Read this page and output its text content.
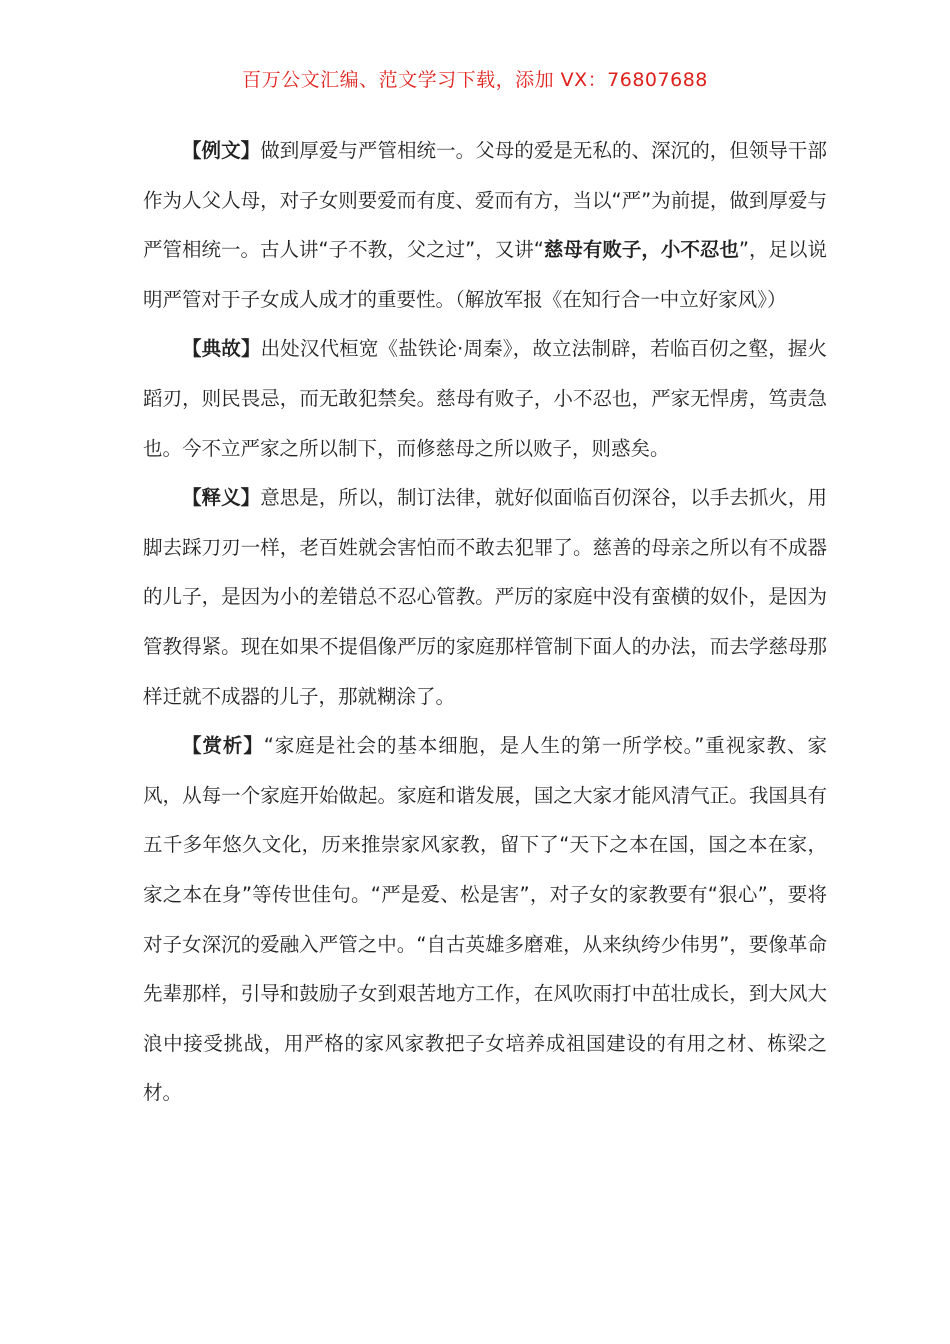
百万公文汇编、范文学习下载，添加 VX：76807688

【例文】做到厚爱与严管相统一。父母的爱是无私的、深沉的，但领导干部作为人父人母，对子女则要爱而有度、爱而有方，当以“严”为前提，做到厚爱与严管相统一。古人讲“子不教，父之过”，又讲“慈母有败子，小不忍也”，足以说明严管对于子女成人成才的重要性。（解放军报《在知行合一中立好家风》）

【典故】出处汉代桓宽《盐铁论·周秦》，故立法制辟，若临百仞之壑，握火蹈刃，则民畏忌，而无敢犯禁矣。慈母有败子，小不忍也，严家无悍虏，笃责急也。今不立严家之所以制下，而修慈母之所以败子，则惑矣。

【释义】意思是，所以，制订法律，就好似面临百仞深谷，以手去抓火，用脚去踩刀刃一样，老百姓就会害怕而不敢去犯罪了。慈善的母亲之所以有不成器的儿子，是因为小的差错总不忍心管教。严厉的家庭中没有蛮横的奴仆，是因为管教得紧。现在如果不提倡像严厉的家庭那样管制下面人的办法，而去学慈母那样迁就不成器的儿子，那就糊涂了。

【赏析】“家庭是社会的基本细胞，是人生的第一所学校。”重视家教、家风，从每一个家庭开始做起。家庭和谐发展，国之大家才能风清气正。我国具有五千多年悠久文化，历来推崇家风家教，留下了“天下之本在国，国之本在家，家之本在身”等传世佳句。“严是爱、松是害”，对子女的家教要有“狠心”，要将对子女深沉的爱融入严管之中。“自古英雄多磨难，从来纨绔少伟男”，要像革命先辈那样，引导和鼓励子女到艰苦地方工作，在风吹雨打中茁壮成长，到大风大浪中接受挑战，用严格的家风家教把子女培养成祖国建设的有用之材、栋梁之材。
